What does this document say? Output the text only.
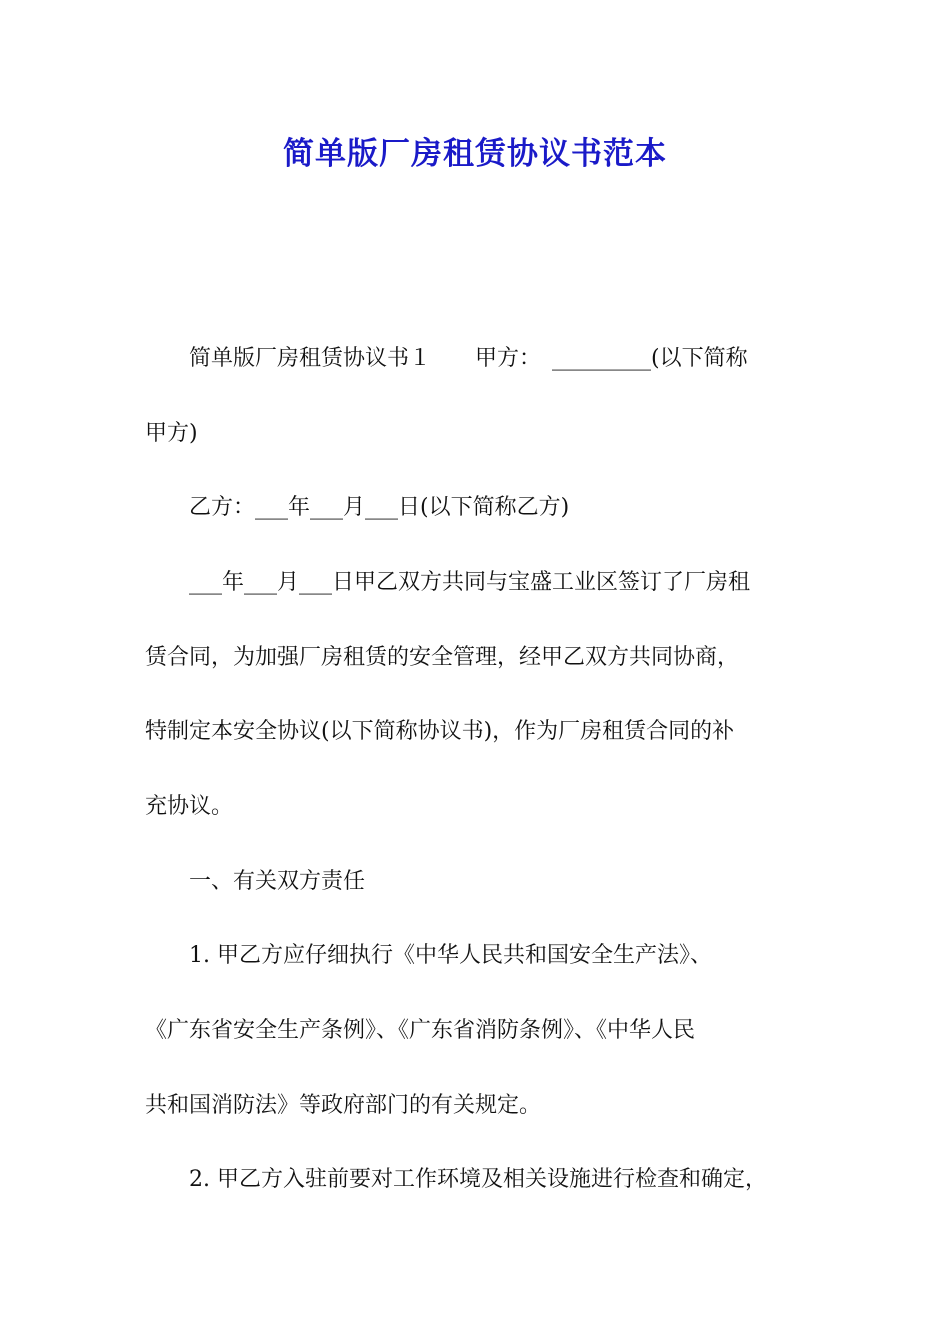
简单版厂房租赁协议书范本

　　简单版厂房租赁协议书１　　甲方：　_________(以下简称

甲方)

　　乙方：___年___月___日(以下简称乙方)

　　___年___月___日甲乙双方共同与宝盛工业区签订了厂房租

赁合同，为加强厂房租赁的安全管理，经甲乙双方共同协商，

特制定本安全协议(以下简称协议书)，作为厂房租赁合同的补

充协议。

　　一、有关双方责任

　　1. 甲乙方应仔细执行《中华人民共和国安全生产法》、

《广东省安全生产条例》、《广东省消防条例》、《中华人民

共和国消防法》等政府部门的有关规定。

　　2. 甲乙方入驻前要对工作环境及相关设施进行检查和确定，
